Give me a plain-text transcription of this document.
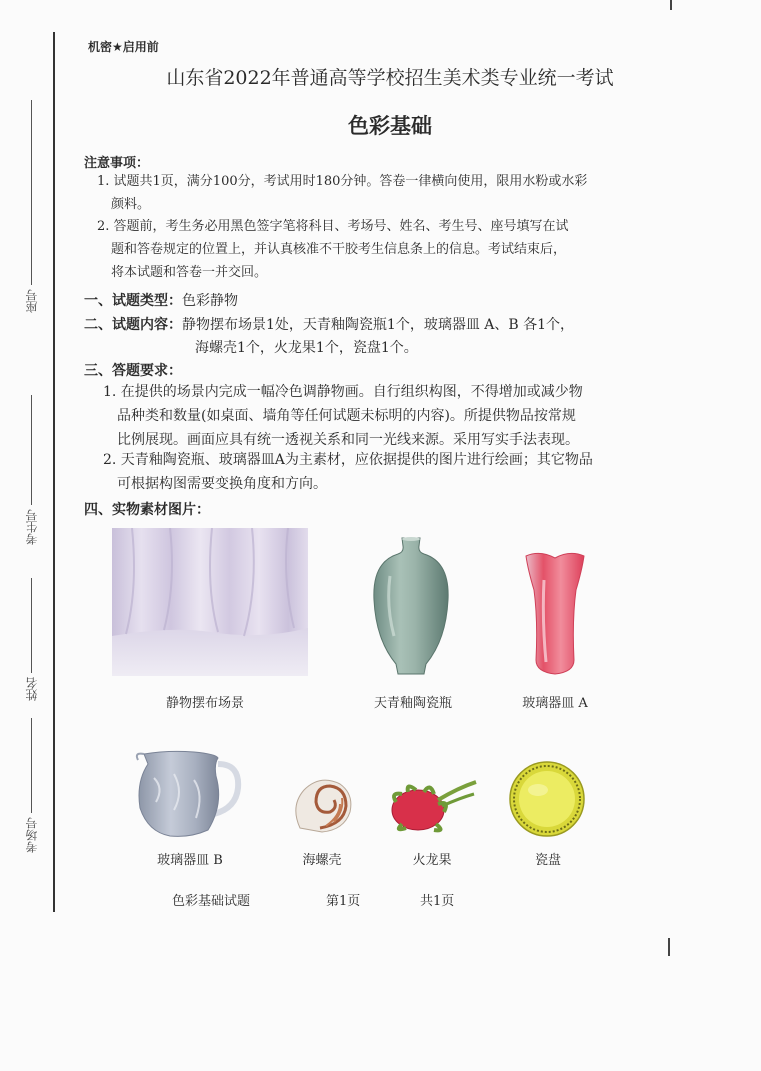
座号
考生号
姓名
考场号
机密★启用前
山东省2022年普通高等学校招生美术类专业统一考试
色彩基础
注意事项：
1. 试题共1页，满分100分，考试用时180分钟。答卷一律横向使用，限用水粉或水彩
颜料。
2. 答题前，考生务必用黑色签字笔将科目、考场号、姓名、考生号、座号填写在试
题和答卷规定的位置上，并认真核准不干胶考生信息条上的信息。考试结束后，
将本试题和答卷一并交回。
一、试题类型：色彩静物
二、试题内容：静物摆布场景1处，天青釉陶瓷瓶1个，玻璃器皿 A、B 各1个，
海螺壳1个，火龙果1个，瓷盘1个。
三、答题要求：
1. 在提供的场景内完成一幅冷色调静物画。自行组织构图，不得增加或减少物
品种类和数量(如桌面、墙角等任何试题未标明的内容)。所提供物品按常规
比例展现。画面应具有统一透视关系和同一光线来源。采用写实手法表现。
2. 天青釉陶瓷瓶、玻璃器皿A为主素材，应依据提供的图片进行绘画；其它物品
可根据构图需要变换角度和方向。
四、实物素材图片：
静物摆布场景	天青釉陶瓷瓶	玻璃器皿 A
玻璃器皿 B	海螺壳	火龙果	瓷盘
色彩基础试题	第1页	共1页
